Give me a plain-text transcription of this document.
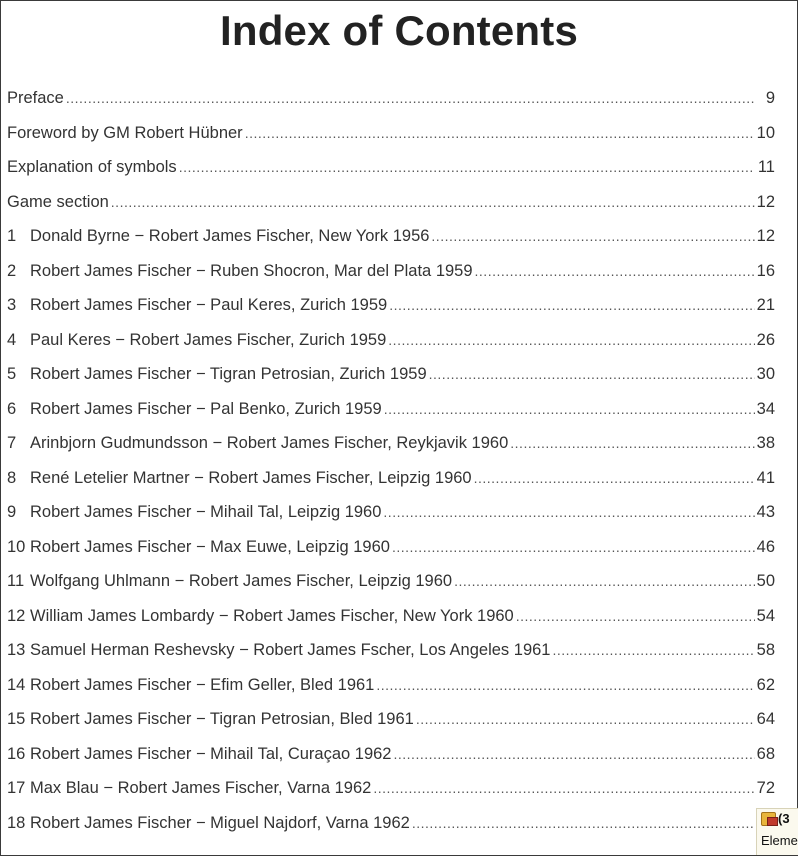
Index of Contents
Preface .....	9
Foreword by GM Robert Hübner .....	10
Explanation of symbols .....	11
Game section .....	12
1 Donald Byrne − Robert James Fischer, New York 1956 .....	12
2 Robert James Fischer − Ruben Shocron, Mar del Plata 1959 .....	16
3 Robert James Fischer − Paul Keres, Zurich 1959 .....	21
4 Paul Keres − Robert James Fischer, Zurich 1959 .....	26
5 Robert James Fischer − Tigran Petrosian, Zurich 1959 .....	30
6 Robert James Fischer − Pal Benko, Zurich 1959 .....	34
7 Arinbjorn Gudmundsson − Robert James Fischer, Reykjavik 1960 .....	38
8 René Letelier Martner − Robert James Fischer, Leipzig 1960 .....	41
9 Robert James Fischer − Mihail Tal, Leipzig 1960 .....	43
10 Robert James Fischer − Max Euwe, Leipzig 1960 .....	46
11 Wolfgang Uhlmann − Robert James Fischer, Leipzig 1960 .....	50
12 William James Lombardy − Robert James Fischer, New York 1960 .....	54
13 Samuel Herman Reshevsky − Robert James Fscher, Los Angeles 1961 .....	58
14 Robert James Fischer − Efim Geller, Bled 1961 .....	62
15 Robert James Fischer − Tigran Petrosian, Bled 1961 .....	64
16 Robert James Fischer − Mihail Tal, Curaçao 1962 .....	68
17 Max Blau − Robert James Fischer, Varna 1962 .....	72
18 Robert James Fischer − Miguel Najdorf, Varna 1962 .....	(3
Eleme
